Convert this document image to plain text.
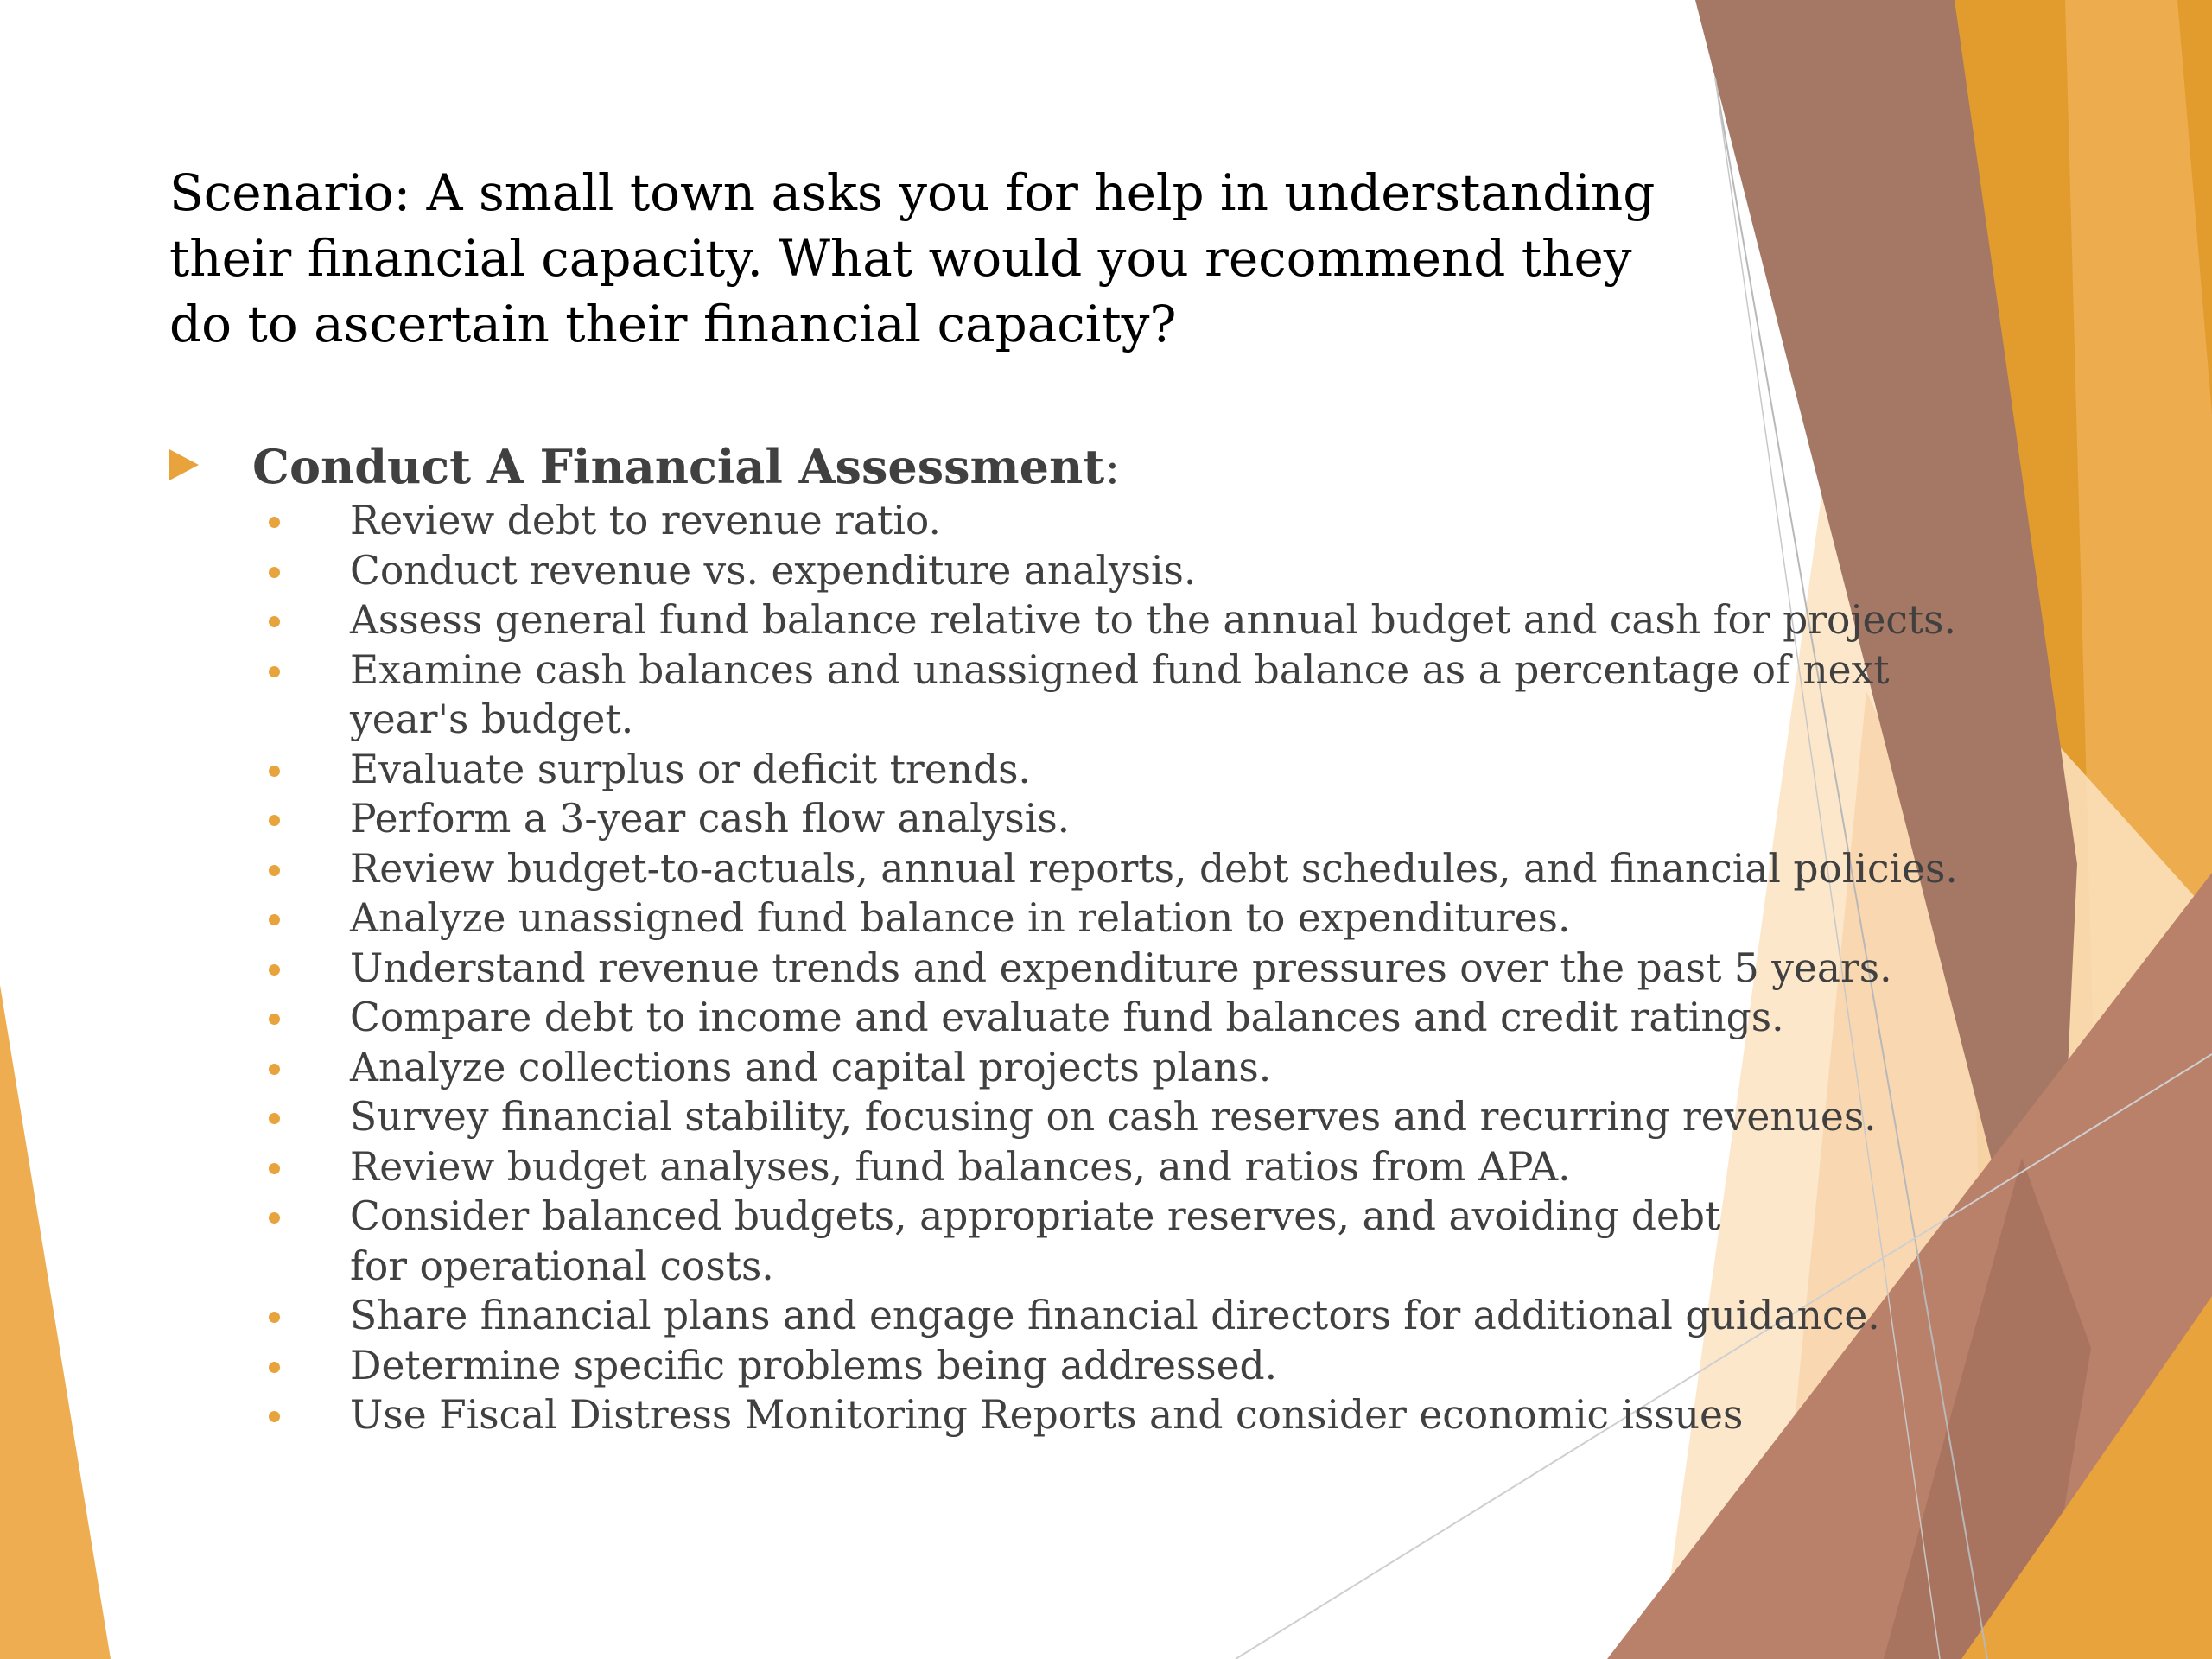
Scenario: A small town asks you for help in understanding their financial capacity. What would you recommend they do to ascertain their financial capacity?
Conduct A Financial Assessment:
Review debt to revenue ratio.
Conduct revenue vs. expenditure analysis.
Assess general fund balance relative to the annual budget and cash for projects.
Examine cash balances and unassigned fund balance as a percentage of next year's budget.
Evaluate surplus or deficit trends.
Perform a 3-year cash flow analysis.
Review budget-to-actuals, annual reports, debt schedules, and financial policies.
Analyze unassigned fund balance in relation to expenditures.
Understand revenue trends and expenditure pressures over the past 5 years.
Compare debt to income and evaluate fund balances and credit ratings.
Analyze collections and capital projects plans.
Survey financial stability, focusing on cash reserves and recurring revenues.
Review budget analyses, fund balances, and ratios from APA.
Consider balanced budgets, appropriate reserves, and avoiding debt for operational costs.
Share financial plans and engage financial directors for additional guidance.
Determine specific problems being addressed.
Use Fiscal Distress Monitoring Reports and consider economic issues
